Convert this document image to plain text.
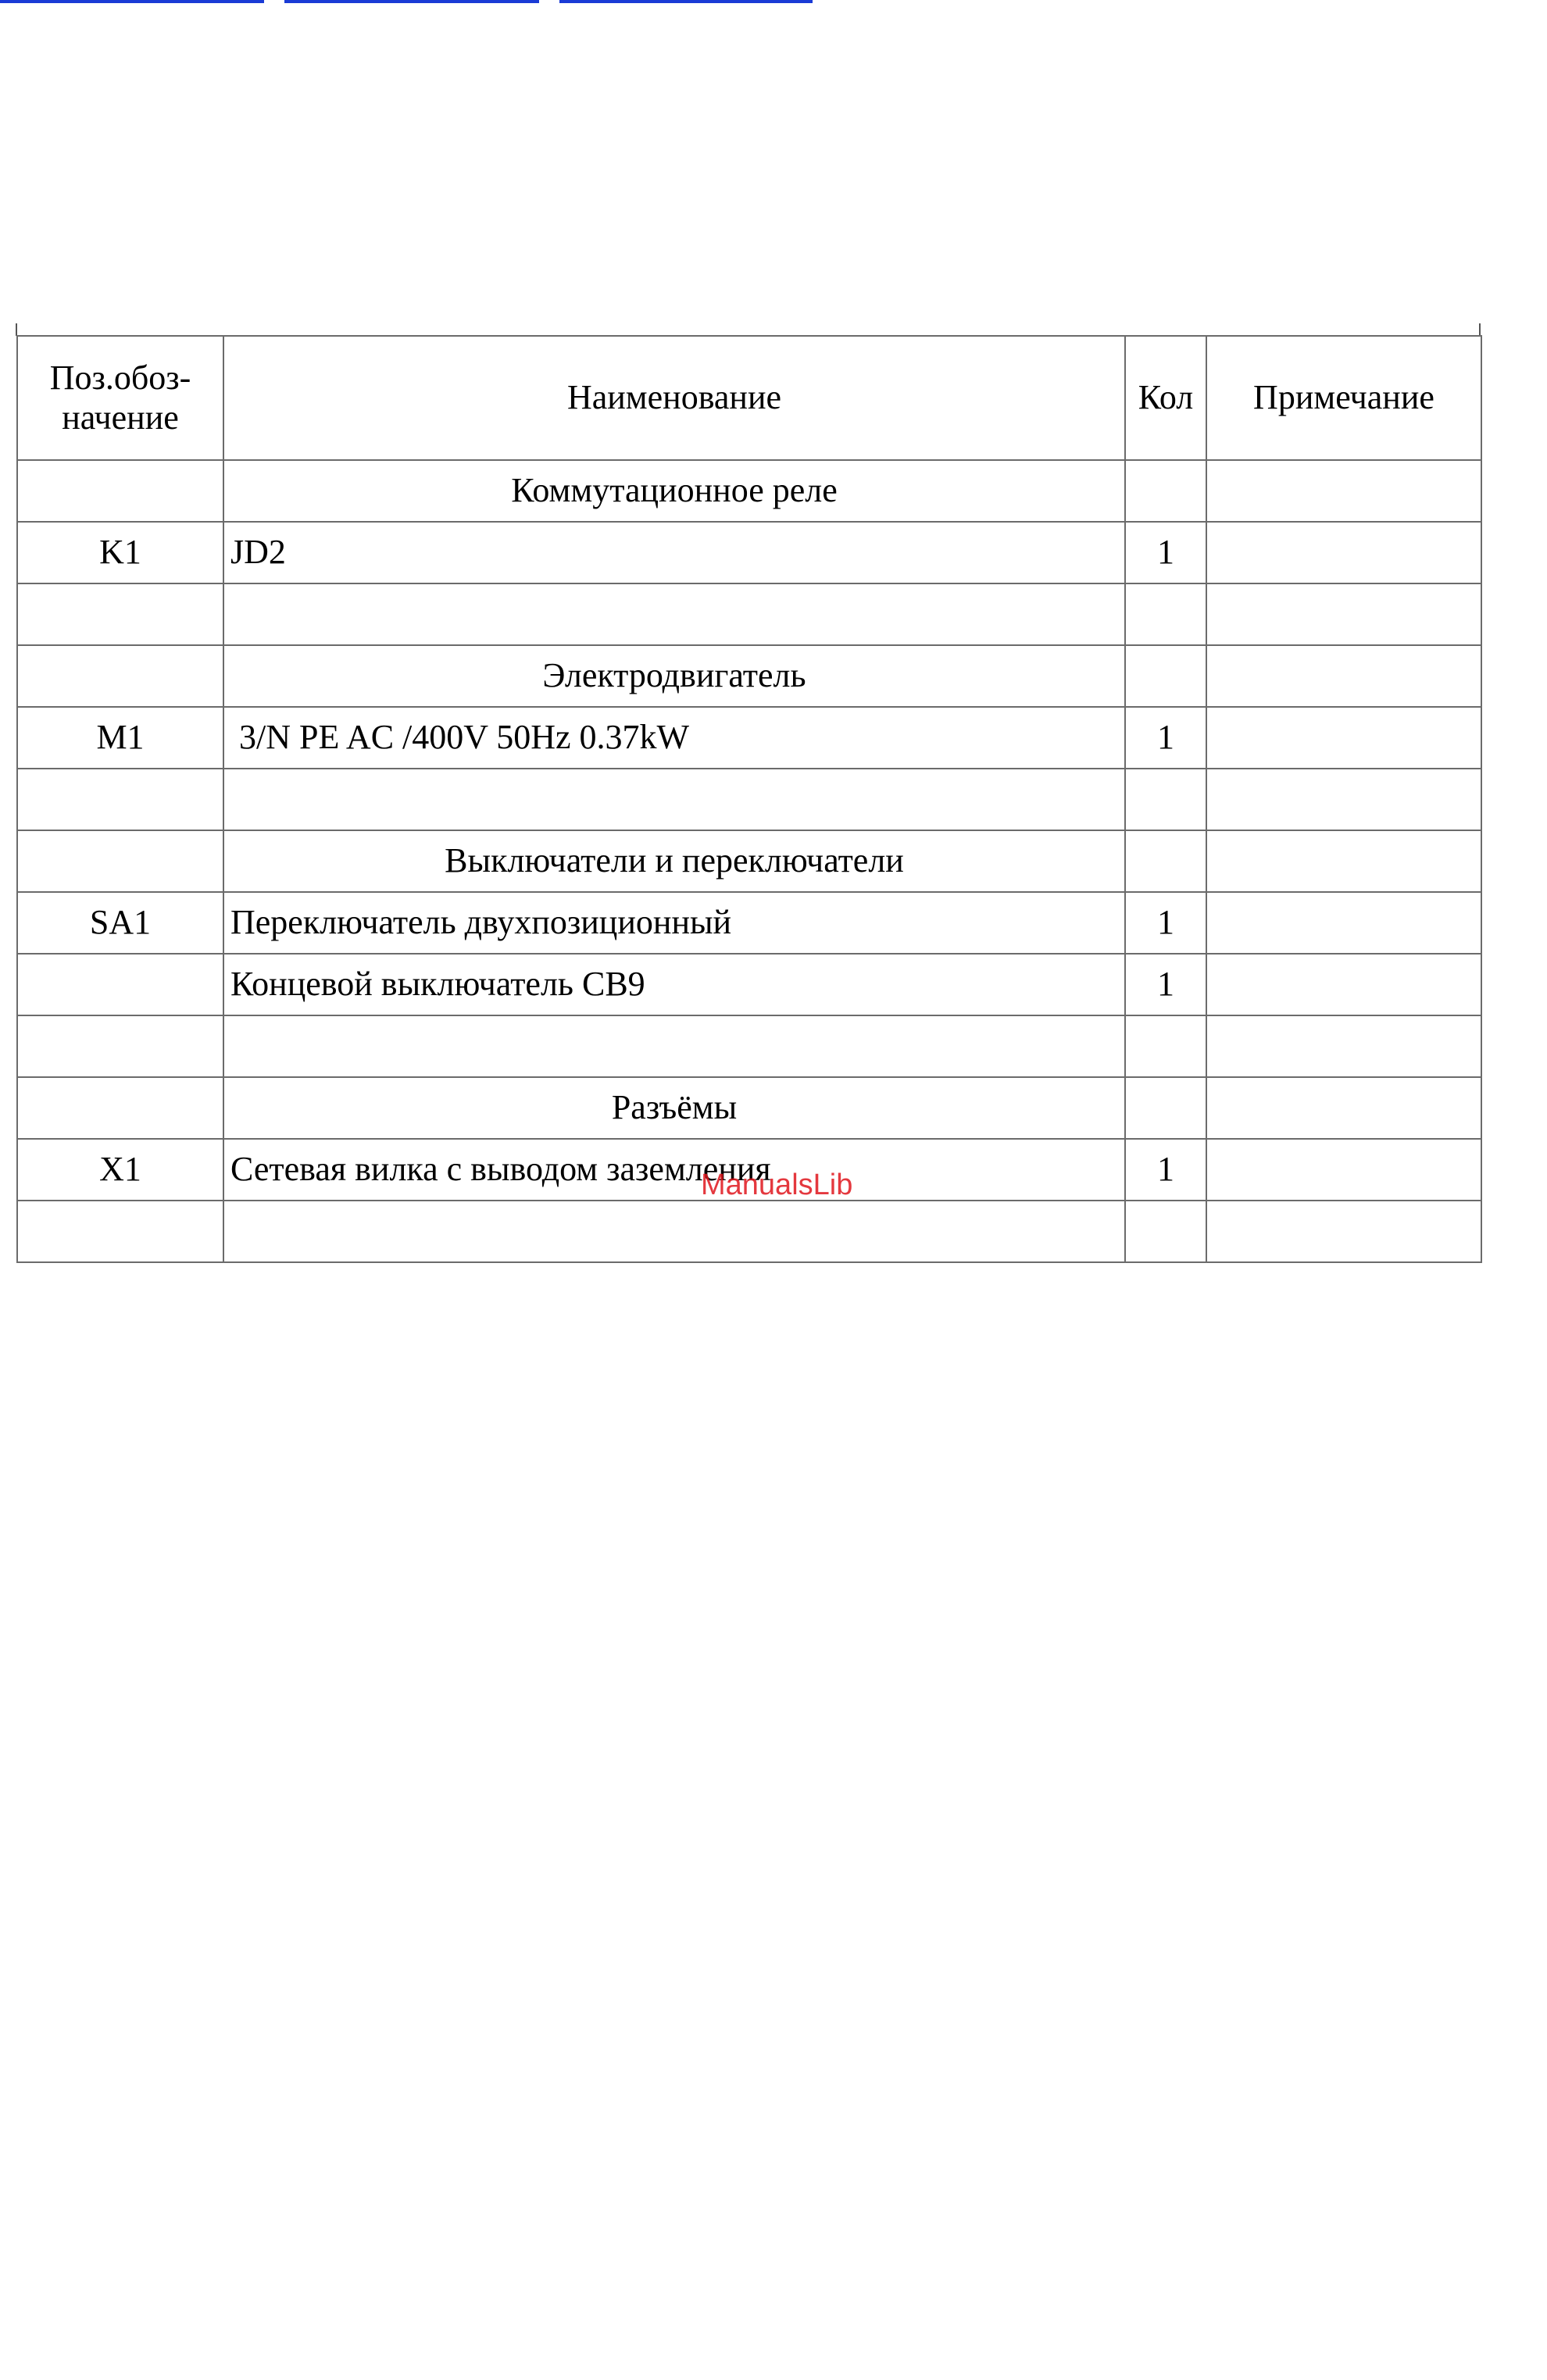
Поз.обоз-
начение	Наименование	Кол	Примечание
	Коммутационное реле		
K1	JD2	1	

	Электродвигатель		
M1	3/N PE AC /400V 50Hz 0.37kW	1	

	Выключатели и переключатели		
SA1	Переключатель двухпозиционный	1	
	Концевой выключатель СВ9	1	

	Разъёмы		
X1	Сетевая вилка с выводом заземления	1	

ManualsLib
